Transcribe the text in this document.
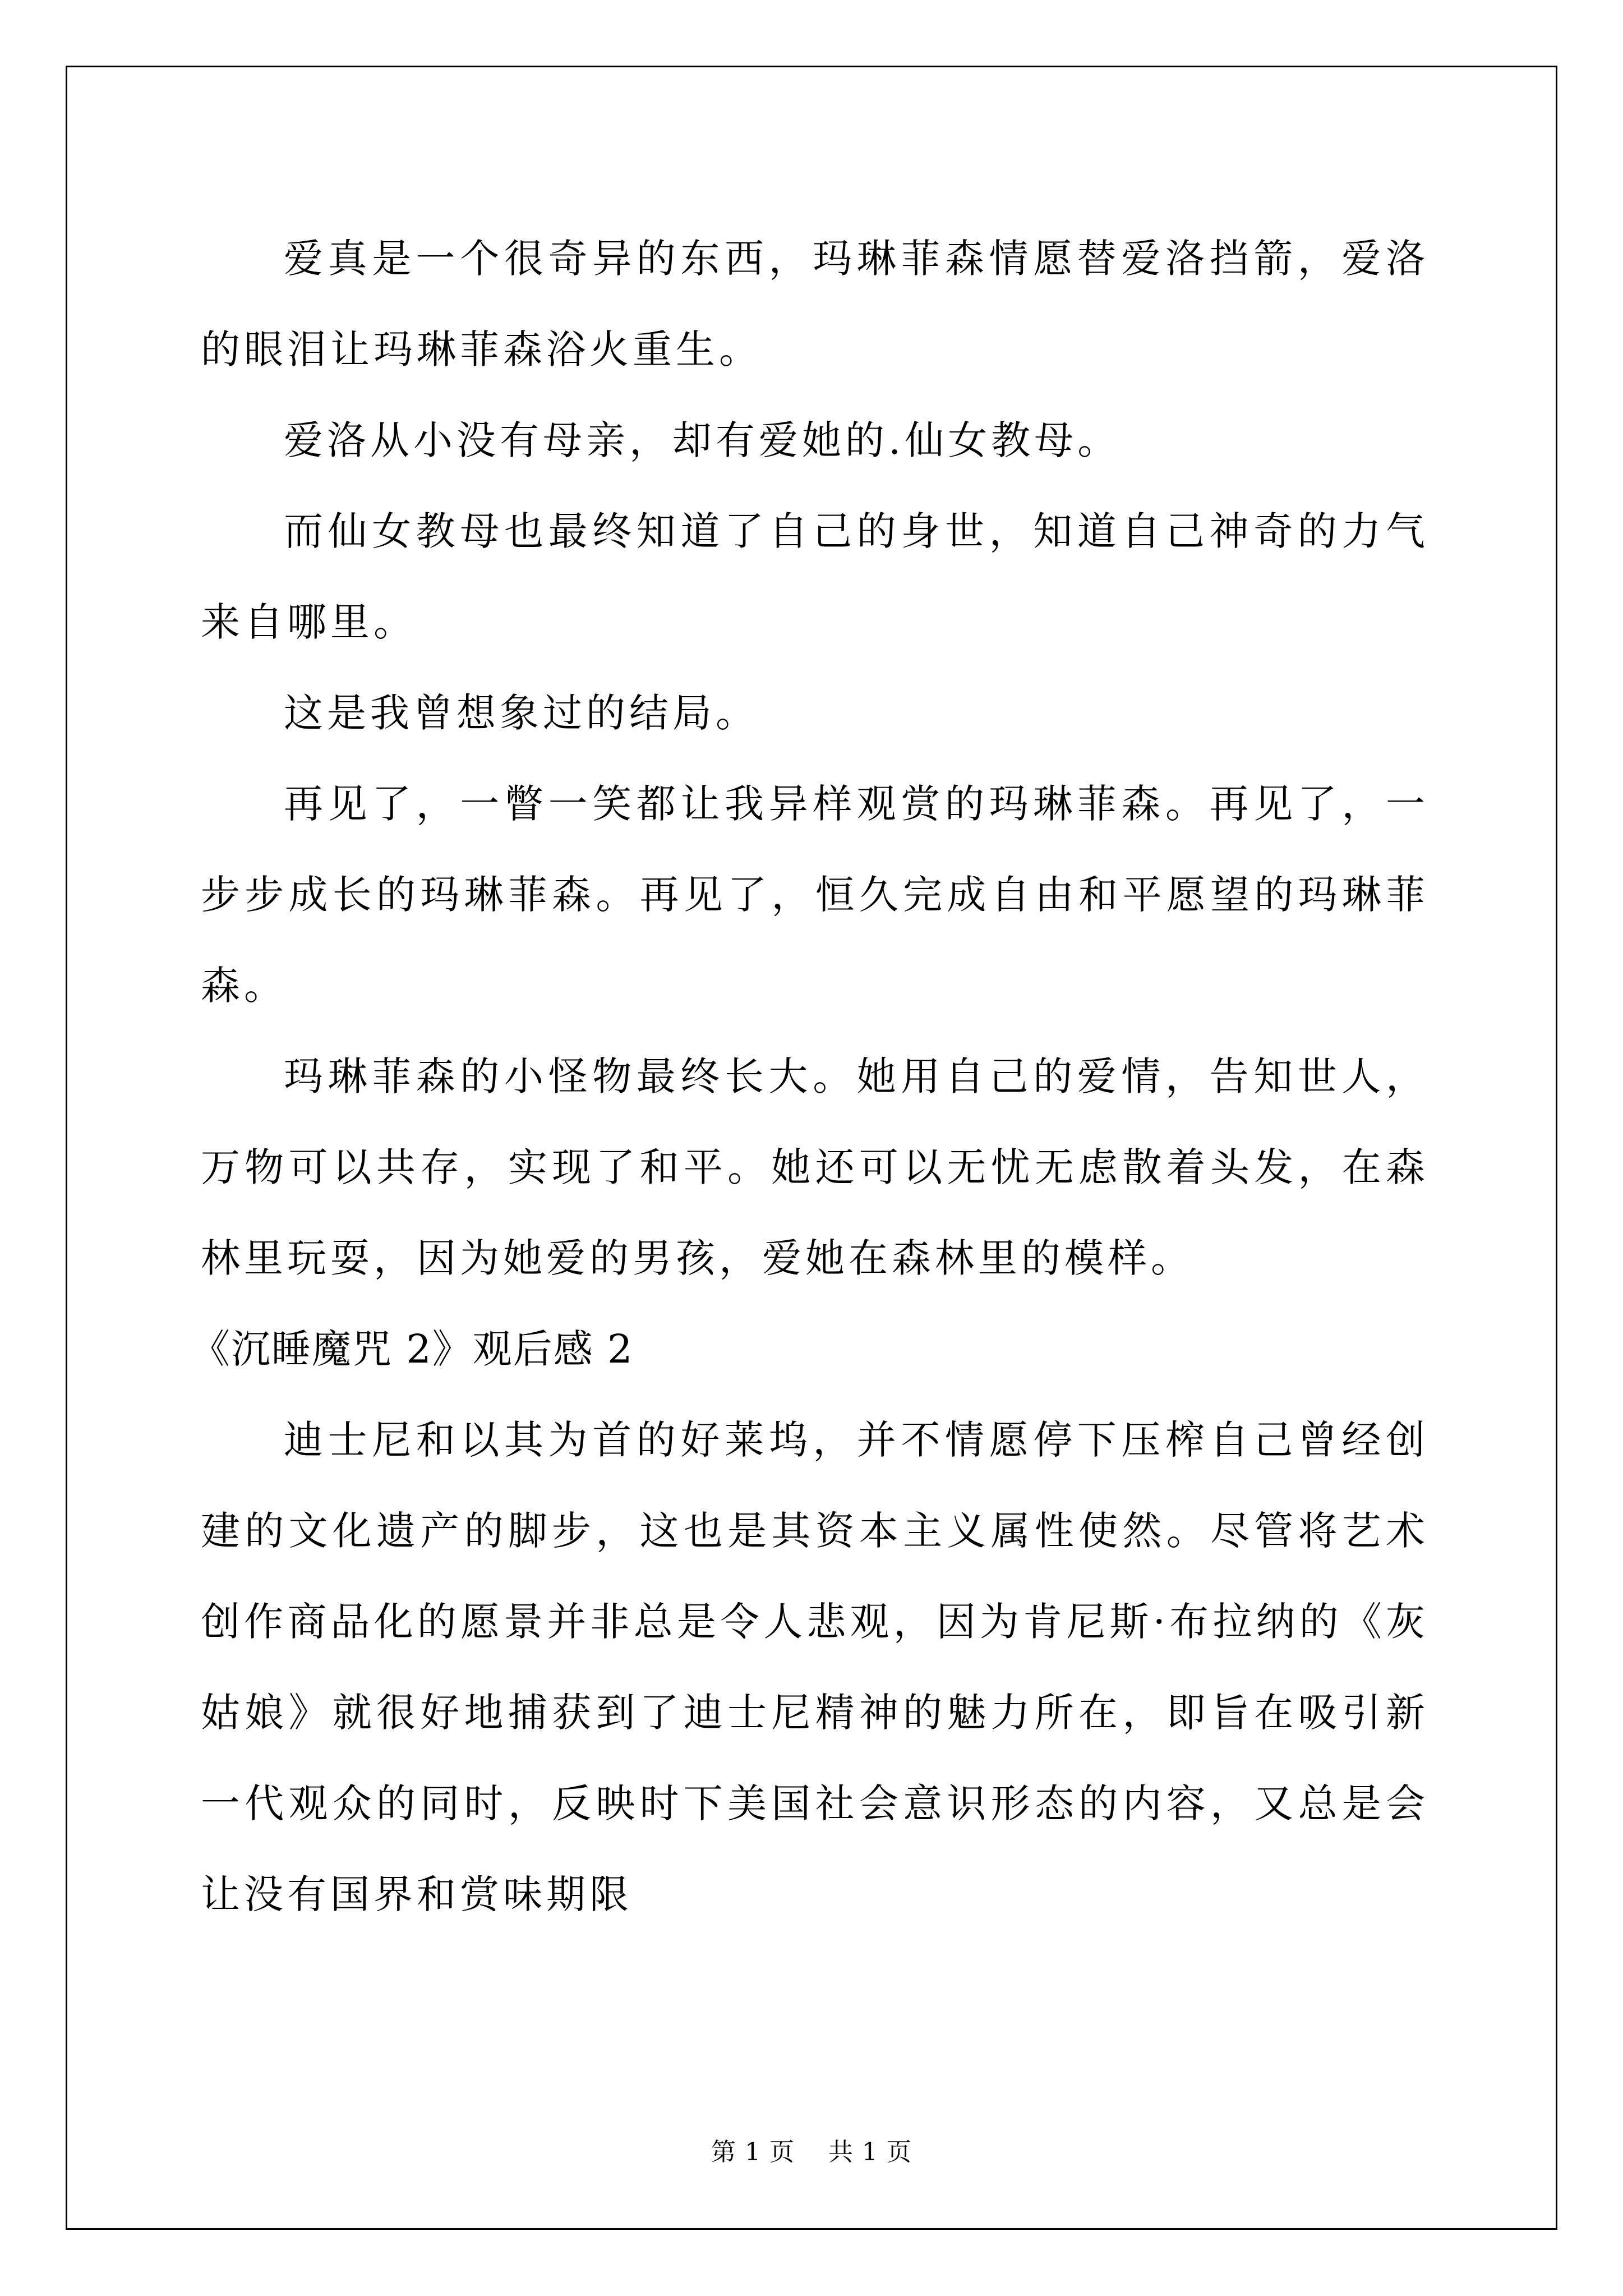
爱真是一个很奇异的东西，玛琳菲森情愿替爱洛挡箭，爱洛的眼泪让玛琳菲森浴火重生。

爱洛从小没有母亲，却有爱她的.仙女教母。

而仙女教母也最终知道了自己的身世，知道自己神奇的力气来自哪里。

这是我曾想象过的结局。

再见了，一瞥一笑都让我异样观赏的玛琳菲森。再见了，一步步成长的玛琳菲森。再见了，恒久完成自由和平愿望的玛琳菲森。

玛琳菲森的小怪物最终长大。她用自己的爱情，告知世人，万物可以共存，实现了和平。她还可以无忧无虑散着头发，在森林里玩耍，因为她爱的男孩，爱她在森林里的模样。

《沉睡魔咒 2》观后感 2

迪士尼和以其为首的好莱坞，并不情愿停下压榨自己曾经创建的文化遗产的脚步，这也是其资本主义属性使然。尽管将艺术创作商品化的愿景并非总是令人悲观，因为肯尼斯·布拉纳的《灰姑娘》就很好地捕获到了迪士尼精神的魅力所在，即旨在吸引新一代观众的同时，反映时下美国社会意识形态的内容，又总是会让没有国界和赏味期限

第 1 页 共 1 页
